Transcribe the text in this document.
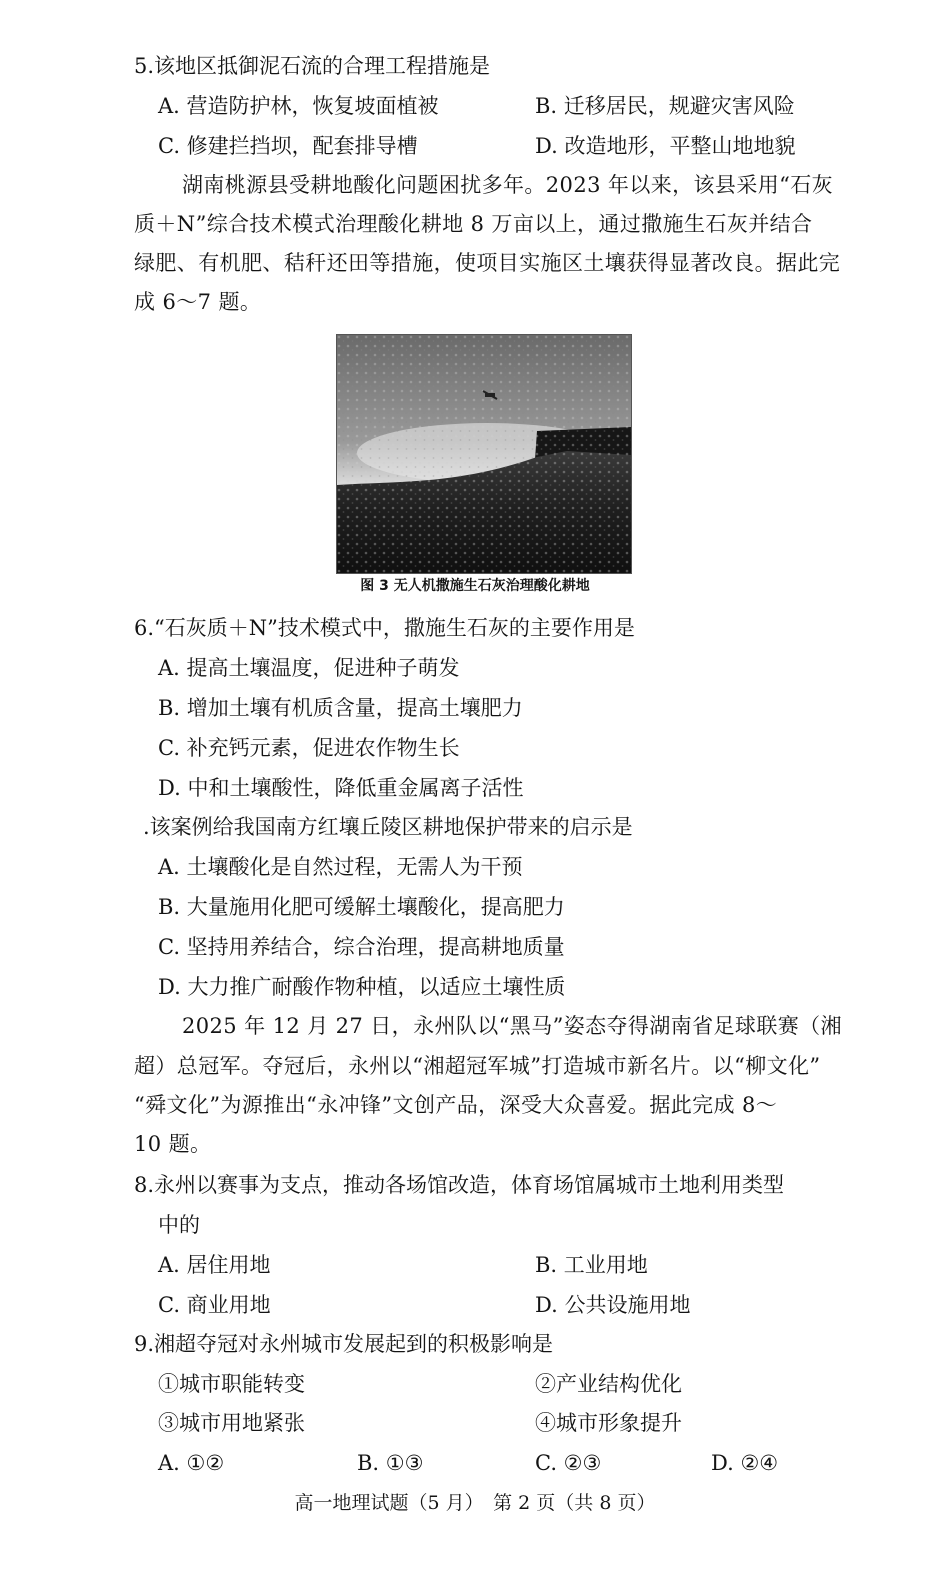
5.该地区抵御泥石流的合理工程措施是
A. 营造防护林，恢复坡面植被	B. 迁移居民，规避灾害风险
C. 修建拦挡坝，配套排导槽	D. 改造地形，平整山地地貌
湖南桃源县受耕地酸化问题困扰多年。2023 年以来，该县采用“石灰
质＋N”综合技术模式治理酸化耕地 8 万亩以上，通过撒施生石灰并结合
绿肥、有机肥、秸秆还田等措施，使项目实施区土壤获得显著改良。据此完
成 6～7 题。
图 3 无人机撒施生石灰治理酸化耕地
6.“石灰质＋N”技术模式中，撒施生石灰的主要作用是
A. 提高土壤温度，促进种子萌发
B. 增加土壤有机质含量，提高土壤肥力
C. 补充钙元素，促进农作物生长
D. 中和土壤酸性，降低重金属离子活性
.该案例给我国南方红壤丘陵区耕地保护带来的启示是
A. 土壤酸化是自然过程，无需人为干预
B. 大量施用化肥可缓解土壤酸化，提高肥力
C. 坚持用养结合，综合治理，提高耕地质量
D. 大力推广耐酸作物种植，以适应土壤性质
2025 年 12 月 27 日，永州队以“黑马”姿态夺得湖南省足球联赛（湘
超）总冠军。夺冠后，永州以“湘超冠军城”打造城市新名片。以“柳文化”
“舜文化”为源推出“永冲锋”文创产品，深受大众喜爱。据此完成 8～
10 题。
8.永州以赛事为支点，推动各场馆改造，体育场馆属城市土地利用类型
中的
A. 居住用地	B. 工业用地
C. 商业用地	D. 公共设施用地
9.湘超夺冠对永州城市发展起到的积极影响是
①城市职能转变	②产业结构优化
③城市用地紧张	④城市形象提升
A. ①②	B. ①③	C. ②③	D. ②④
高一地理试题（5 月）　第 2 页（共 8 页）
